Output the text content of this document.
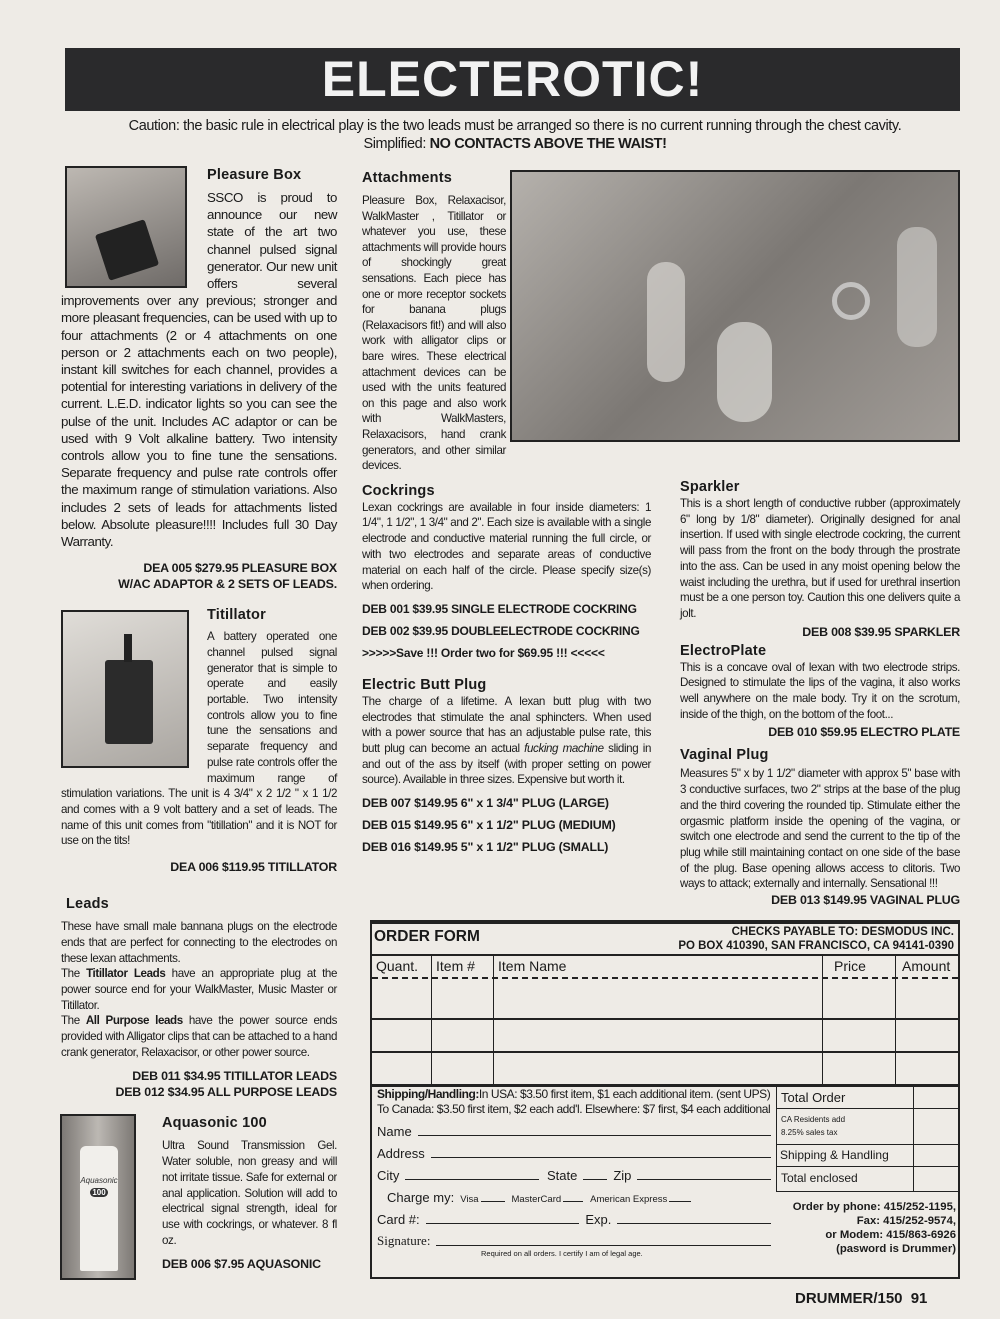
ELECTEROTIC!
Caution: the basic rule in electrical play is the two leads must be arranged so there is no current running through the chest cavity.
Simplified: NO CONTACTS ABOVE THE WAIST!
Pleasure Box
SSCO is proud to announce our new state of the art two channel pulsed signal generator. Our new unit offers several improvements over any previous; stronger and more pleasant frequencies, can be used with up to four attachments (2 or 4 attachments on one person or 2 attachments each on two people), instant kill switches for each channel, provides a potential for interesting variations in delivery of the current. L.E.D. indicator lights so you can see the pulse of the unit. Includes AC adaptor or can be used with 9 Volt alkaline battery. Two intensity controls allow you to fine tune the sensations. Separate frequency and pulse rate controls offer the maximum range of stimulation variations. Also includes 2 sets of leads for attachments listed below. Absolute pleasure!!!! Includes full 30 Day Warranty.
DEA 005 $279.95 PLEASURE BOX
W/AC ADAPTOR & 2 SETS OF LEADS.
Titillator
A battery operated one channel pulsed signal generator that is simple to operate and easily portable. Two intensity controls allow you to fine tune the sensations and separate frequency and pulse rate controls offer the maximum range of stimulation variations. The unit is 4 3/4" x 2 1/2 " x 1 1/2 and comes with a 9 volt battery and a set of leads. The name of this unit comes from "titillation" and it is NOT for use on the tits!
DEA 006 $119.95 TITILLATOR
Leads
These have small male bannana plugs on the electrode ends that are perfect for connecting to the electrodes on these lexan attachments.
The Titillator Leads have an appropriate plug at the power source end for your WalkMaster, Music Master or Titillator.
The All Purpose leads have the power source ends provided with Alligator clips that can be attached to a hand crank generator, Relaxacisor, or other power source.
DEB 011 $34.95 TITILLATOR LEADS
DEB 012 $34.95 ALL PURPOSE LEADS
Aquasonic
100
Aquasonic 100
Ultra Sound Transmission Gel. Water soluble, non greasy and will not irritate tissue. Safe for external or anal application. Solution will add to electrical signal strength, ideal for use with cockrings, or whatever. 8 fl oz.
DEB 006 $7.95 AQUASONIC
Attachments
Pleasure Box, Relaxacisor, WalkMaster , Titillator or whatever you use, these attachments will provide hours of shockingly great sensations. Each piece has one or more receptor sockets for banana plugs (Relaxacisors fit!) and will also work with alligator clips or bare wires. These electrical attachment devices can be used with the units featured on this page and also work with WalkMasters, Relaxacisors, hand crank generators, and other similar devices.
Cockrings
Lexan cockrings are available in four inside diameters: 1 1/4", 1 1/2", 1 3/4" and 2". Each size is available with a single electrode and conductive material running the full circle, or with two electrodes and separate areas of conductive material on each half of the circle. Please specify size(s) when ordering.
DEB 001 $39.95 SINGLE ELECTRODE COCKRING
DEB 002 $39.95 DOUBLEELECTRODE COCKRING
>>>>>Save !!! Order two for $69.95 !!! <<<<<
Electric Butt Plug
The charge of a lifetime. A lexan butt plug with two electrodes that stimulate the anal sphincters. When used with a power source that has an adjustable pulse rate, this butt plug can become an actual fucking machine sliding in and out of the ass by itself (with proper setting on power source). Available in three sizes. Expensive but worth it.
DEB 007 $149.95 6" x 1 3/4" PLUG (LARGE)
DEB 015 $149.95 6" x 1 1/2" PLUG (MEDIUM)
DEB 016 $149.95 5" x 1 1/2" PLUG (SMALL)
Sparkler
This is a short length of conductive rubber (approximately 6" long by 1/8" diameter). Originally designed for anal insertion. If used with single electrode cockring, the current will pass from the front on the body through the prostrate into the ass. Can be used in any moist opening below the waist including the urethra, but if used for urethral insertion must be a one person toy. Caution this one delivers quite a jolt.
DEB 008 $39.95 SPARKLER
ElectroPlate
This is a concave oval of lexan with two electrode strips. Designed to stimulate the lips of the vagina, it also works well anywhere on the male body. Try it on the scrotum, inside of the thigh, on the bottom of the foot...
DEB 010 $59.95 ELECTRO PLATE
Vaginal Plug
Measures 5" x by 1 1/2" diameter with approx 5" base with 3 conductive surfaces, two 2" strips at the base of the plug and the third covering the rounded tip. Stimulate either the orgasmic platform inside the opening of the vagina, or switch one electrode and send the current to the tip of the plug while still maintaining contact on one side of the base of the plug. Base opening allows access to clitoris. Two ways to attack; externally and internally. Sensational !!!
DEB 013 $149.95 VAGINAL PLUG
ORDER FORM	CHECKS PAYABLE TO: DESMODUS INC.
PO BOX 410390, SAN FRANCISCO, CA 94141-0390
Quant. Item # Item Name	Price	Amount
Shipping/Handling:In USA: $3.50 first item, $1 each additional item. (sent UPS) To Canada: $3.50 first item, $2 each add'l. Elsewhere: $7 first, $4 each additional
Name
Address
City	State	Zip
Charge my: Visa	MasterCard	American Express
Card #:	Exp.
Signature:
Required on all orders. I certify I am of legal age.
Total Order
CA Residents add
8.25% sales tax
Shipping & Handling
Total enclosed
Order by phone: 415/252-1195,
Fax: 415/252-9574,
or Modem: 415/863-6926
(pasword is Drummer)
DRUMMER/150 91
